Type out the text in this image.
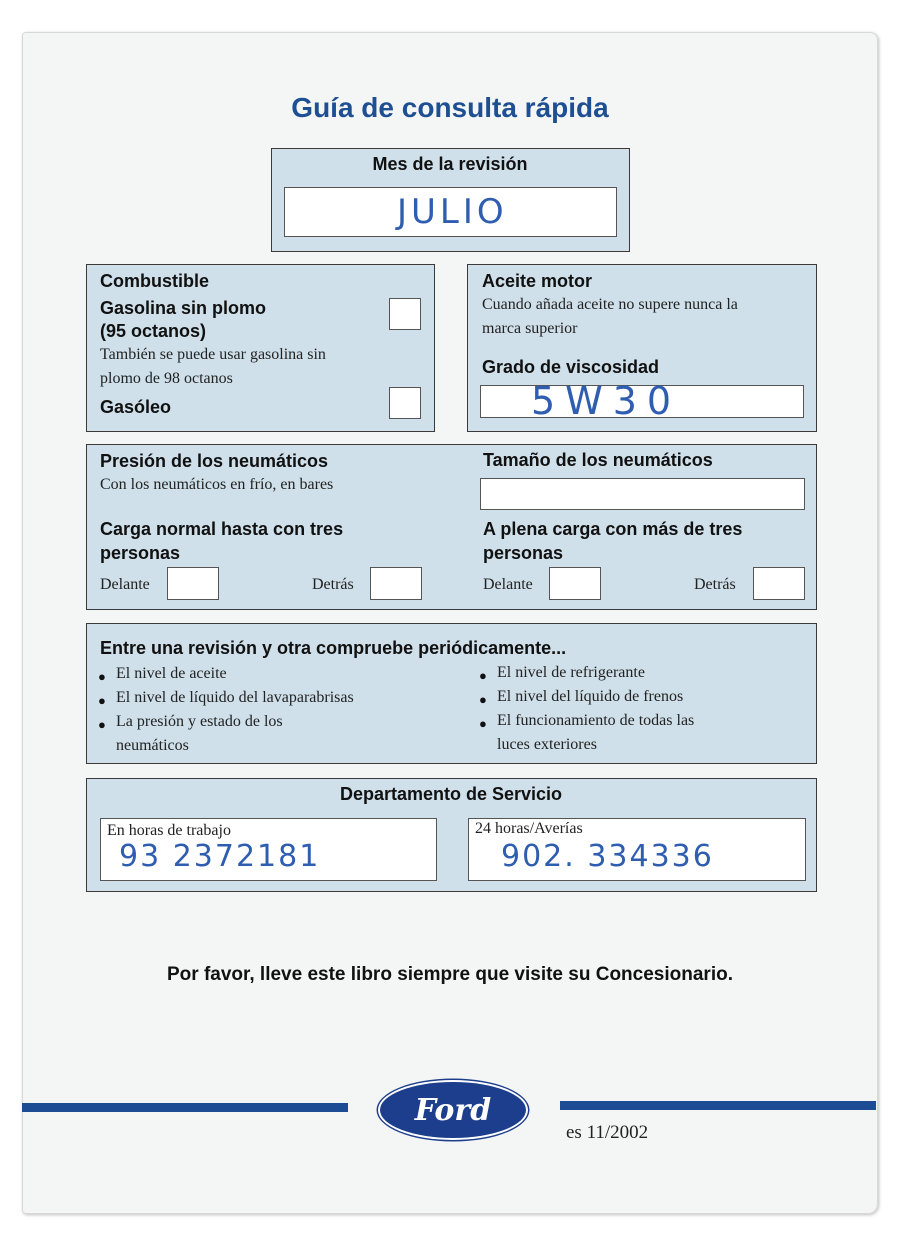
Guía de consulta rápida
Mes de la revisión
JULIO
Combustible
Gasolina sin plomo
(95 octanos)
También se puede usar gasolina sin
plomo de 98 octanos
Gasóleo
Aceite motor
Cuando añada aceite no supere nunca la
marca superior
Grado de viscosidad
5W30
Presión de los neumáticos
Con los neumáticos en frío, en bares
Tamaño de los neumáticos
Carga normal hasta con tres
personas
Delante	Detrás
A plena carga con más de tres
personas
Delante	Detrás
Entre una revisión y otra compruebe periódicamente...
● El nivel de aceite
● El nivel de líquido del lavaparabrisas
● La presión y estado de los
neumáticos
● El nivel de refrigerante
● El nivel del líquido de frenos
● El funcionamiento de todas las
luces exteriores
Departamento de Servicio
En horas de trabajo
93 2372181
24 horas/Averías
902. 334336
Por favor, lleve este libro siempre que visite su Concesionario.
Ford
es 11/2002
